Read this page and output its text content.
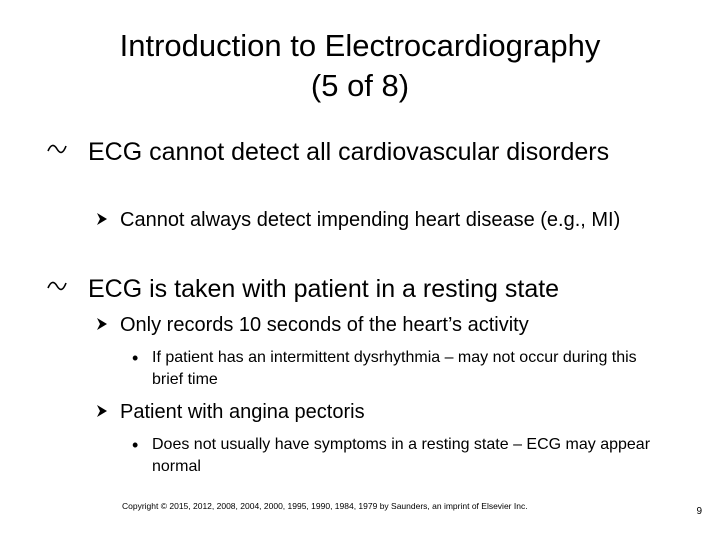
Introduction to Electrocardiography
(5 of 8)
ECG cannot detect all cardiovascular disorders
Cannot always detect impending heart disease (e.g., MI)
ECG is taken with patient in a resting state
Only records 10 seconds of the heart’s activity
• If patient has an intermittent dysrhythmia – may not occur during this brief time
Patient with angina pectoris
• Does not usually have symptoms in a resting state – ECG may appear normal
Copyright © 2015, 2012, 2008, 2004, 2000, 1995, 1990, 1984, 1979 by Saunders, an imprint of Elsevier Inc.	9
